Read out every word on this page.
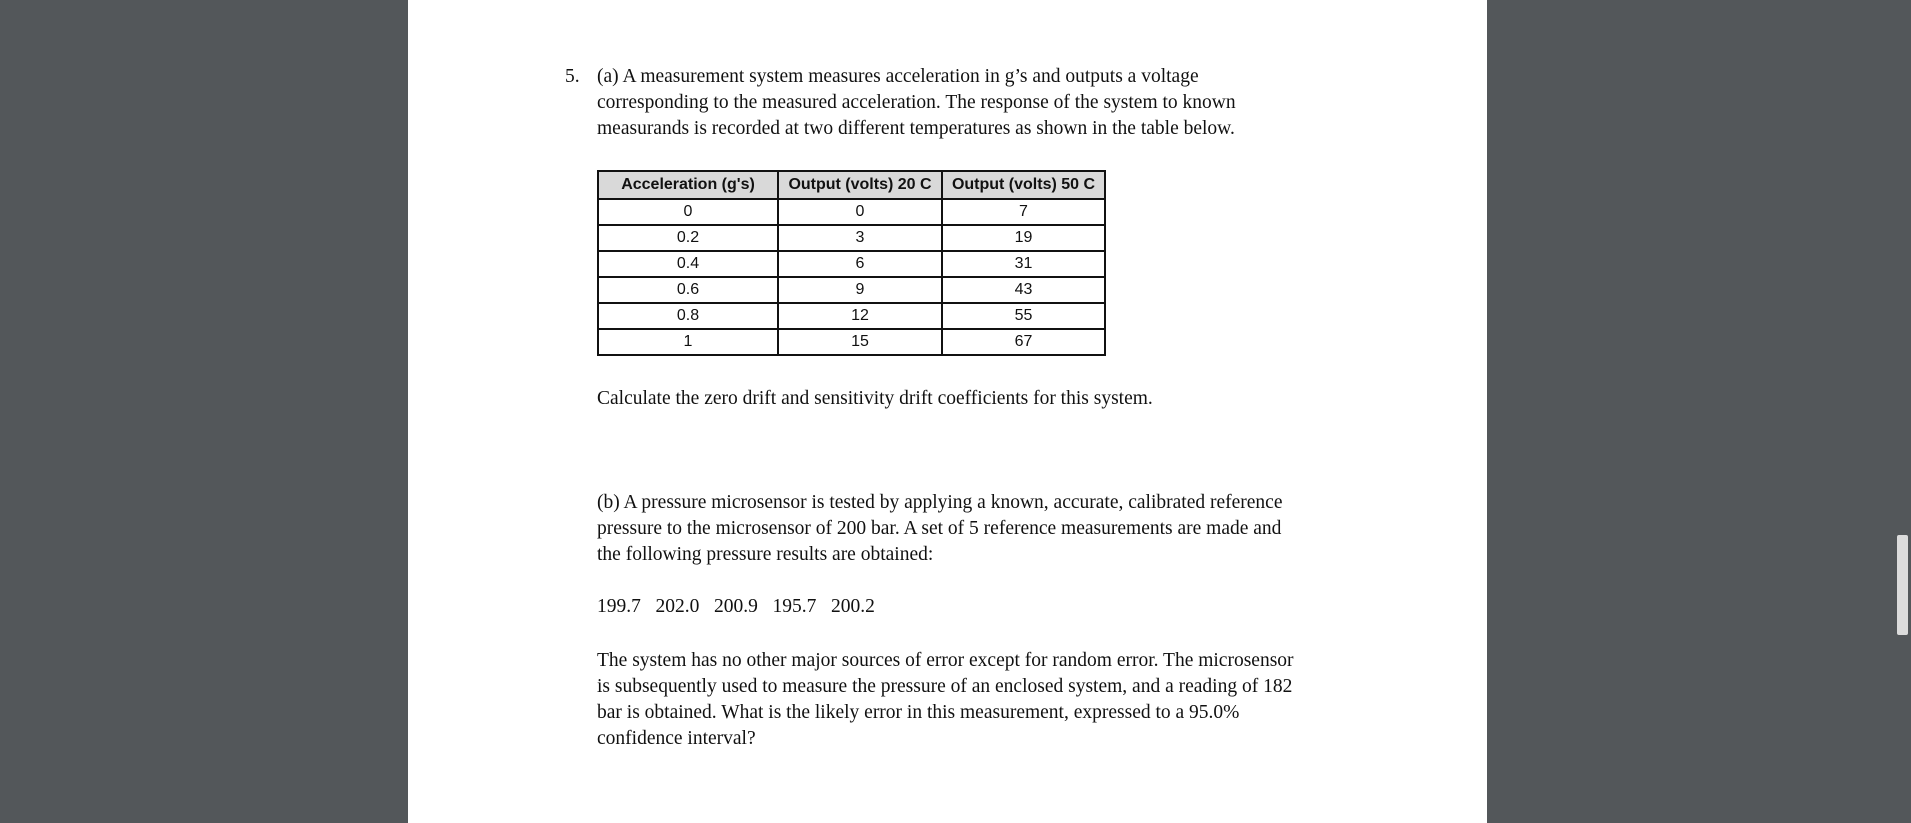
5. (a) A measurement system measures acceleration in g’s and outputs a voltage
corresponding to the measured acceleration. The response of the system to known
measurands is recorded at two different temperatures as shown in the table below.
Acceleration (g's)	Output (volts) 20 C	Output (volts) 50 C
0	0	7
0.2	3	19
0.4	6	31
0.6	9	43
0.8	12	55
1	15	67
Calculate the zero drift and sensitivity drift coefficients for this system.
(b) A pressure microsensor is tested by applying a known, accurate, calibrated reference
pressure to the microsensor of 200 bar. A set of 5 reference measurements are made and
the following pressure results are obtained:
199.7   202.0   200.9   195.7   200.2
The system has no other major sources of error except for random error. The microsensor
is subsequently used to measure the pressure of an enclosed system, and a reading of 182
bar is obtained. What is the likely error in this measurement, expressed to a 95.0%
confidence interval?
